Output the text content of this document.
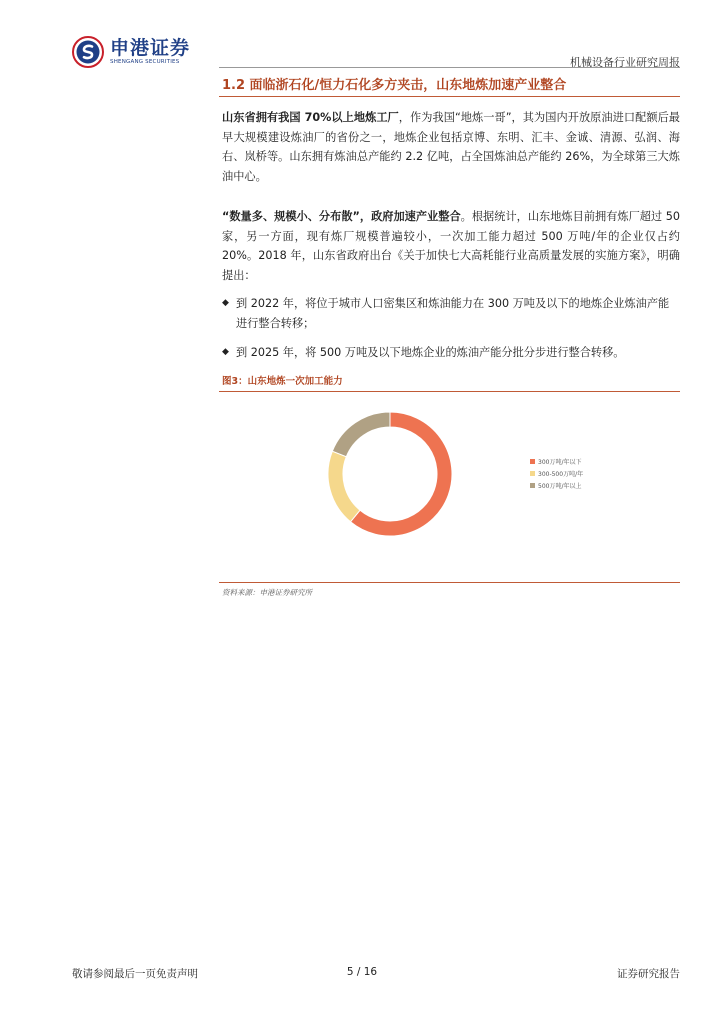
申港证券
SHENGANG SECURITIES	机械设备行业研究周报
1.2 面临浙石化/恒力石化多方夹击，山东地炼加速产业整合
山东省拥有我国 70%以上地炼工厂，作为我国“地炼一哥”，其为国内开放原油进口配额后最早大规模建设炼油厂的省份之一，地炼企业包括京博、东明、汇丰、金诚、清源、弘润、海右、岚桥等。山东拥有炼油总产能约 2.2 亿吨，占全国炼油总产能约 26%，为全球第三大炼油中心。
“数量多、规模小、分布散”，政府加速产业整合。根据统计，山东地炼目前拥有炼厂超过 50 家，另一方面，现有炼厂规模普遍较小，一次加工能力超过 500 万吨/年的企业仅占约 20%。2018 年，山东省政府出台《关于加快七大高耗能行业高质量发展的实施方案》，明确提出：
◆ 到 2022 年，将位于城市人口密集区和炼油能力在 300 万吨及以下的地炼企业炼油产能进行整合转移；
◆ 到 2025 年，将 500 万吨及以下地炼企业的炼油产能分批分步进行整合转移。
图3：山东地炼一次加工能力
300万吨/年以下
300-500万吨/年
500万吨/年以上
资料来源：申港证券研究所
敬请参阅最后一页免责声明	5 / 16	证券研究报告
